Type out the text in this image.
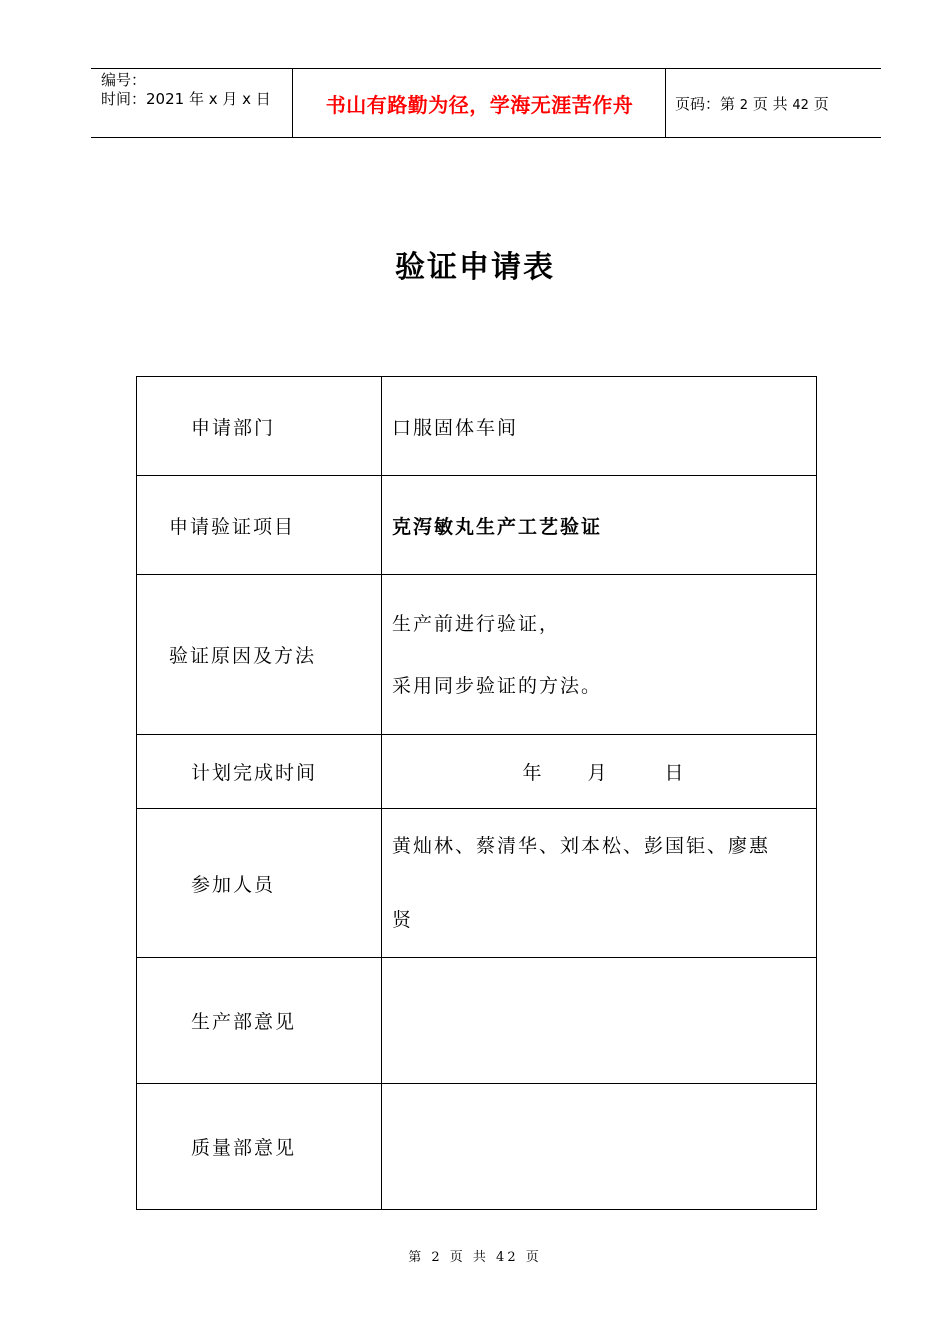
编号：
时间：2021 年 x 月 x 日	书山有路勤为径，学海无涯苦作舟	页码：第 2 页 共 42 页
验证申请表
申请部门	口服固体车间

申请验证项目	克泻敏丸生产工艺验证

验证原因及方法	生产前进行验证，

采用同步验证的方法。

计划完成时间	年 月 日

参加人员	黄灿林、蔡清华、刘本松、彭国钜、廖惠

贤

生产部意见	

质量部意见	

第 2 页 共 42 页
